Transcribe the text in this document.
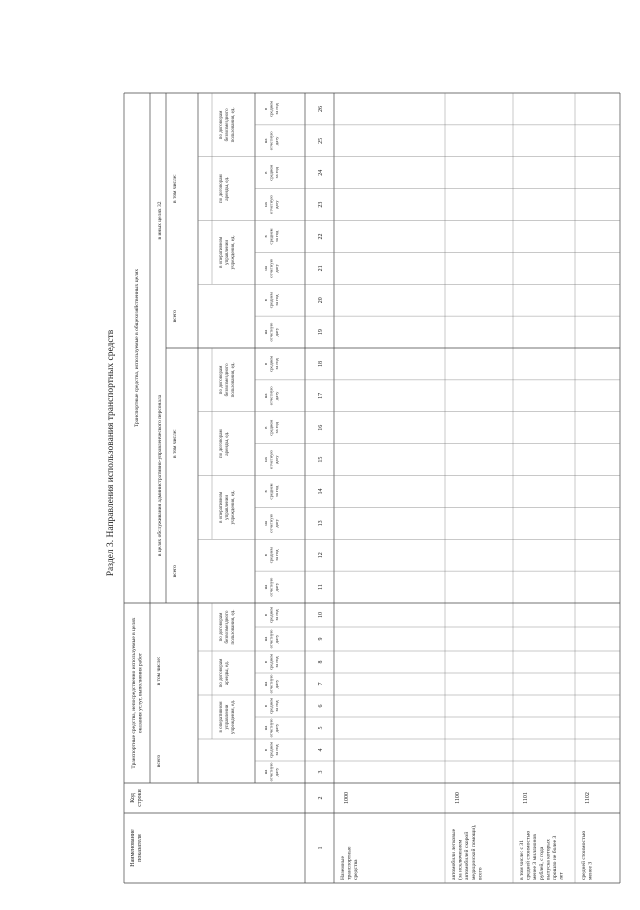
Раздел 3. Направления использования транспортных средств
Наименованиепоказателя
Кодстроки
Транспортные средства, непосредственно используемые в целяхоказания услуг, выполнения работ
Транспортные средства, используемые в общехозяйственных целях
в целях обслуживания административно-управленческого персонала
в иных целях 32
всего
в том числе:
в оперативномуправленииучреждения, ед.
по договорамаренды, ед.
по договорамбезвозмездногопользования, ед.
наотчетнуюдату
всреднемза год
наотчетнуюдату
всреднемза год
наотчетнуюдату
всреднемза год
наотчетнуюдату
всреднемза год
всего
в том числе:
в оперативномуправленииучреждения, ед.
по договорамаренды, ед.
по договорамбезвозмездногопользования, ед.
наотчетнуюдату
всреднемза год
наотчетнуюдату
всреднемза год
наотчетнуюдату
всреднемза год
наотчетнуюдату
всреднемза год
всего
в том числе:
в оперативномуправленииучреждения, ед.
по договорамаренды, ед.
по договорамбезвозмездногопользования, ед.
наотчетнуюдату
всреднемза год
наотчетнуюдату
всреднемза год
наотчетнуюдату
всреднемза год
наотчетнуюдату
всреднемза год
1
2
3
4
5
6
7
8
9
10
11
12
13
14
15
16
17
18
19
20
21
22
23
24
25
26
Наземныетранспортныесредства
1000
автомобили легковые(за исключениемавтомобилей скороймедицинской помощи),всего
1100
в том числе: с 31средней стоимостьюменее 3 миллионоврублей, с годавыпуска которыхпрошло не более 3лет
1101
средней стоимостьюменее 3
1102
